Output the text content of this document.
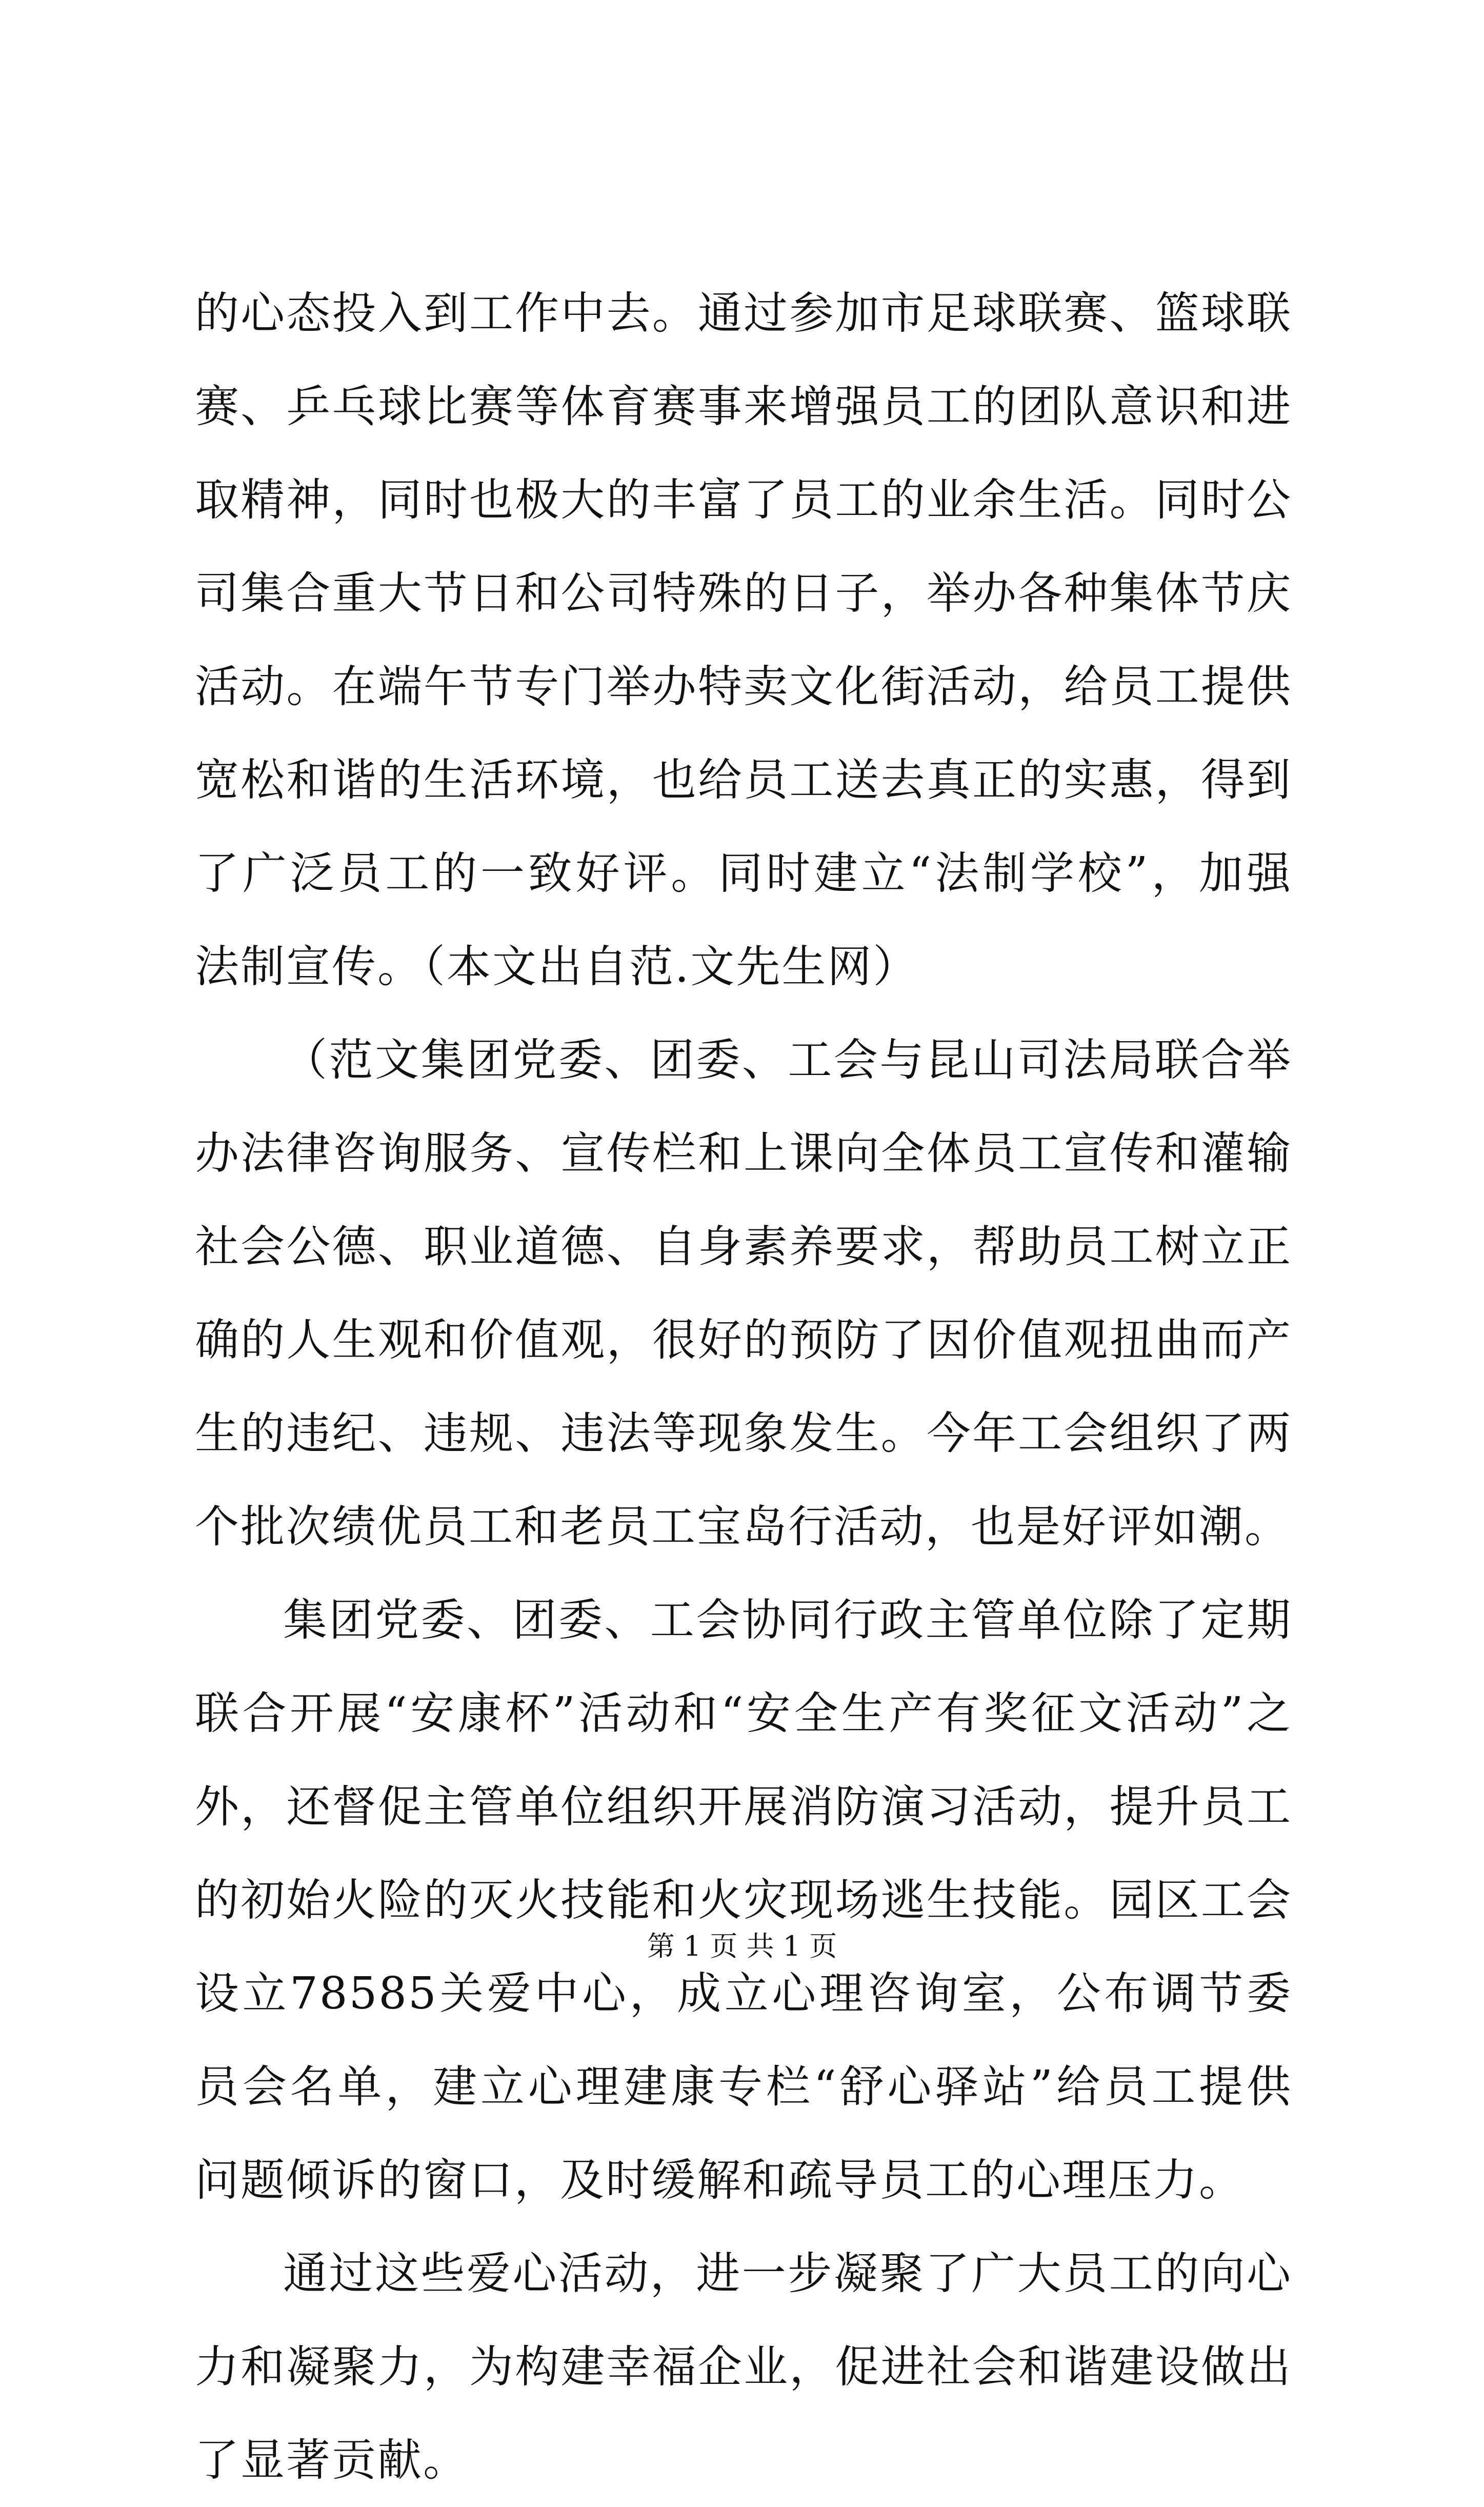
的心态投入到工作中去。通过参加市足球联赛、篮球联赛、乒乓球比赛等体育赛事来增强员工的团队意识和进取精神，同时也极大的丰富了员工的业余生活。同时公司集合重大节日和公司特殊的日子，举办各种集体节庆活动。在端午节专门举办特卖文化街活动，给员工提供宽松和谐的生活环境，也给员工送去真正的实惠，得到了广泛员工的一致好评。同时建立“法制学校”，加强法制宣传。（本文出自范.文先生网）

（范文集团党委、团委、工会与昆山司法局联合举办法律咨询服务、宣传栏和上课向全体员工宣传和灌输社会公德、职业道德、自身素养要求，帮助员工树立正确的人生观和价值观，很好的预防了因价值观扭曲而产生的违纪、违规、违法等现象发生。今年工会组织了两个批次绩优员工和老员工宝岛行活动，也是好评如潮。

集团党委、团委、工会协同行政主管单位除了定期联合开展“安康杯”活动和“安全生产有奖征文活动”之外，还督促主管单位组织开展消防演习活动，提升员工的初始火险的灭火技能和火灾现场逃生技能。园区工会设立78585关爱中心，成立心理咨询室，公布调节委员会名单，建立心理建康专栏“舒心驿站”给员工提供问题倾诉的窗口，及时缓解和疏导员工的心理压力。

通过这些爱心活动，进一步凝聚了广大员工的向心力和凝聚力，为构建幸福企业，促进社会和谐建设做出了显著贡献。

第 1 页 共 1 页
